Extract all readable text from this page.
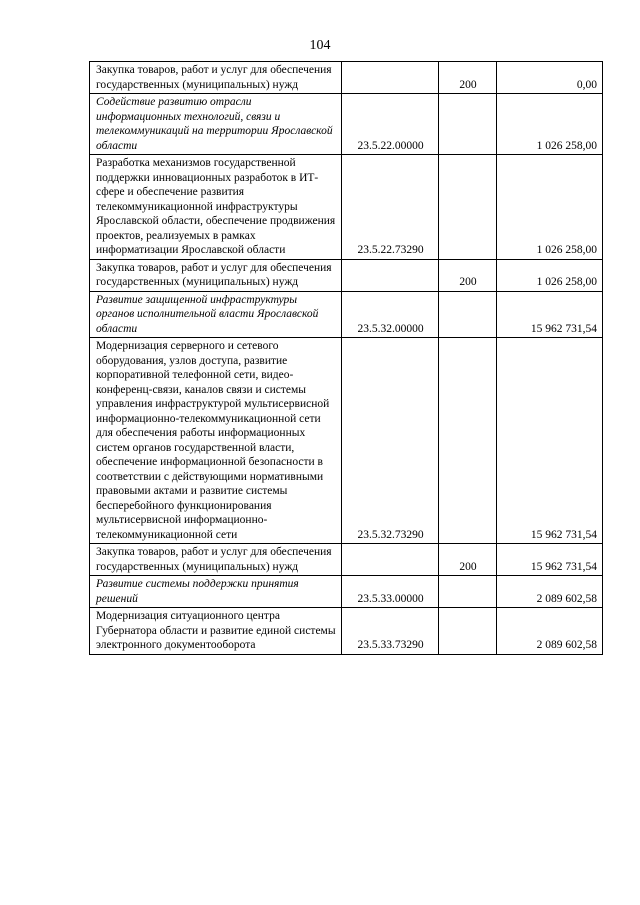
104
Закупка товаров, работ и услуг для обеспечения государственных (муниципальных) нужд		200	0,00
Содействие развитию отрасли информационных технологий, связи и телекоммуникаций на территории Ярославской области	23.5.22.00000		1 026 258,00
Разработка механизмов государственной поддержки инновационных разработок в ИТ-сфере и обеспечение развития телекоммуникационной инфраструктуры Ярославской области, обеспечение продвижения проектов, реализуемых в рамках информатизации Ярославской области	23.5.22.73290		1 026 258,00
Закупка товаров, работ и услуг для обеспечения государственных (муниципальных) нужд		200	1 026 258,00
Развитие защищенной инфраструктуры органов исполнительной власти Ярославской области	23.5.32.00000		15 962 731,54
Модернизация серверного и сетевого оборудования, узлов доступа, развитие корпоративной телефонной сети, видео-конференц-связи, каналов связи и системы управления инфраструктурой мультисервисной информационно-телекоммуникационной сети для обеспечения работы информационных систем органов государственной власти, обеспечение информационной безопасности в соответствии с действующими нормативными правовыми актами и развитие системы бесперебойного функционирования мультисервисной информационно-телекоммуникационной сети	23.5.32.73290		15 962 731,54
Закупка товаров, работ и услуг для обеспечения государственных (муниципальных) нужд		200	15 962 731,54
Развитие системы поддержки принятия решений	23.5.33.00000		2 089 602,58
Модернизация ситуационного центра Губернатора области и развитие единой системы электронного документооборота	23.5.33.73290		2 089 602,58
